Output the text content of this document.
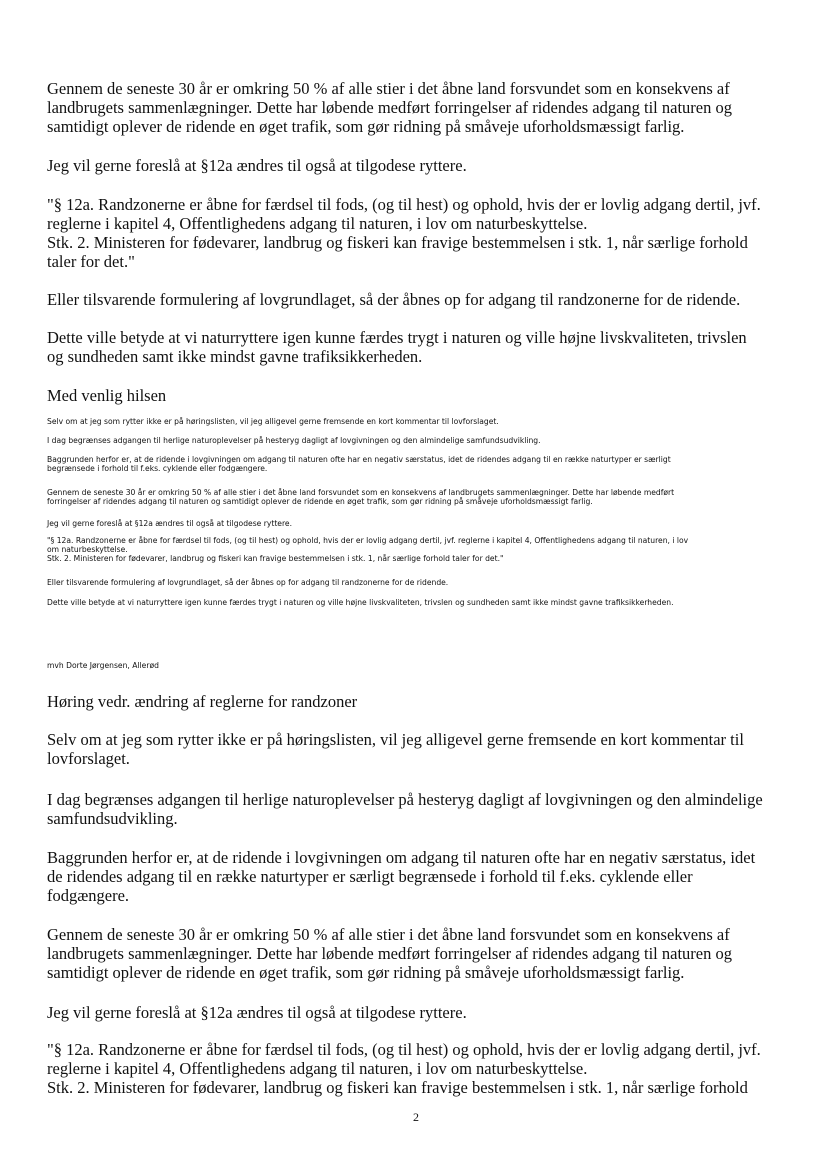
Gennem de seneste 30 år er omkring 50 % af alle stier i det åbne land forsvundet som en konsekvens af
landbrugets sammenlægninger. Dette har løbende medført forringelser af ridendes adgang til naturen og
samtidigt oplever de ridende en øget trafik, som gør ridning på småveje uforholdsmæssigt farlig.

Jeg vil gerne foreslå at §12a ændres til også at tilgodese ryttere.

"§ 12a. Randzonerne er åbne for færdsel til fods, (og til hest) og ophold, hvis der er lovlig adgang dertil, jvf.
reglerne i kapitel 4, Offentlighedens adgang til naturen, i lov om naturbeskyttelse.
Stk. 2. Ministeren for fødevarer, landbrug og fiskeri kan fravige bestemmelsen i stk. 1, når særlige forhold
taler for det."

Eller tilsvarende formulering af lovgrundlaget, så der åbnes op for adgang til randzonerne for de ridende.

Dette ville betyde at vi naturryttere igen kunne færdes trygt i naturen og ville højne livskvaliteten, trivslen
og sundheden samt ikke mindst gavne trafiksikkerheden.

Med venlig hilsen

Selv om at jeg som rytter ikke er på høringslisten, vil jeg alligevel gerne fremsende en kort kommentar til lovforslaget.

I dag begrænses adgangen til herlige naturoplevelser på hesteryg dagligt af lovgivningen og den almindelige samfundsudvikling.

Baggrunden herfor er, at de ridende i lovgivningen om adgang til naturen ofte har en negativ særstatus, idet de ridendes adgang til en række naturtyper er særligt
begrænsede i forhold til f.eks. cyklende eller fodgængere.

Gennem de seneste 30 år er omkring 50 % af alle stier i det åbne land forsvundet som en konsekvens af landbrugets sammenlægninger. Dette har løbende medført
forringelser af ridendes adgang til naturen og samtidigt oplever de ridende en øget trafik, som gør ridning på småveje uforholdsmæssigt farlig.

Jeg vil gerne foreslå at §12a ændres til også at tilgodese ryttere.

"§ 12a. Randzonerne er åbne for færdsel til fods, (og til hest) og ophold, hvis der er lovlig adgang dertil, jvf. reglerne i kapitel 4, Offentlighedens adgang til naturen, i lov
om naturbeskyttelse.
Stk. 2. Ministeren for fødevarer, landbrug og fiskeri kan fravige bestemmelsen i stk. 1, når særlige forhold taler for det."

Eller tilsvarende formulering af lovgrundlaget, så der åbnes op for adgang til randzonerne for de ridende.

Dette ville betyde at vi naturryttere igen kunne færdes trygt i naturen og ville højne livskvaliteten, trivslen og sundheden samt ikke mindst gavne trafiksikkerheden.

mvh Dorte Jørgensen, Allerød

Høring vedr. ændring af reglerne for randzoner

Selv om at jeg som rytter ikke er på høringslisten, vil jeg alligevel gerne fremsende en kort kommentar til
lovforslaget.

I dag begrænses adgangen til herlige naturoplevelser på hesteryg dagligt af lovgivningen og den almindelige
samfundsudvikling.

Baggrunden herfor er, at de ridende i lovgivningen om adgang til naturen ofte har en negativ særstatus, idet
de ridendes adgang til en række naturtyper er særligt begrænsede i forhold til f.eks. cyklende eller
fodgængere.

Gennem de seneste 30 år er omkring 50 % af alle stier i det åbne land forsvundet som en konsekvens af
landbrugets sammenlægninger. Dette har løbende medført forringelser af ridendes adgang til naturen og
samtidigt oplever de ridende en øget trafik, som gør ridning på småveje uforholdsmæssigt farlig.

Jeg vil gerne foreslå at §12a ændres til også at tilgodese ryttere.

"§ 12a. Randzonerne er åbne for færdsel til fods, (og til hest) og ophold, hvis der er lovlig adgang dertil, jvf.
reglerne i kapitel 4, Offentlighedens adgang til naturen, i lov om naturbeskyttelse.
Stk. 2. Ministeren for fødevarer, landbrug og fiskeri kan fravige bestemmelsen i stk. 1, når særlige forhold

2
